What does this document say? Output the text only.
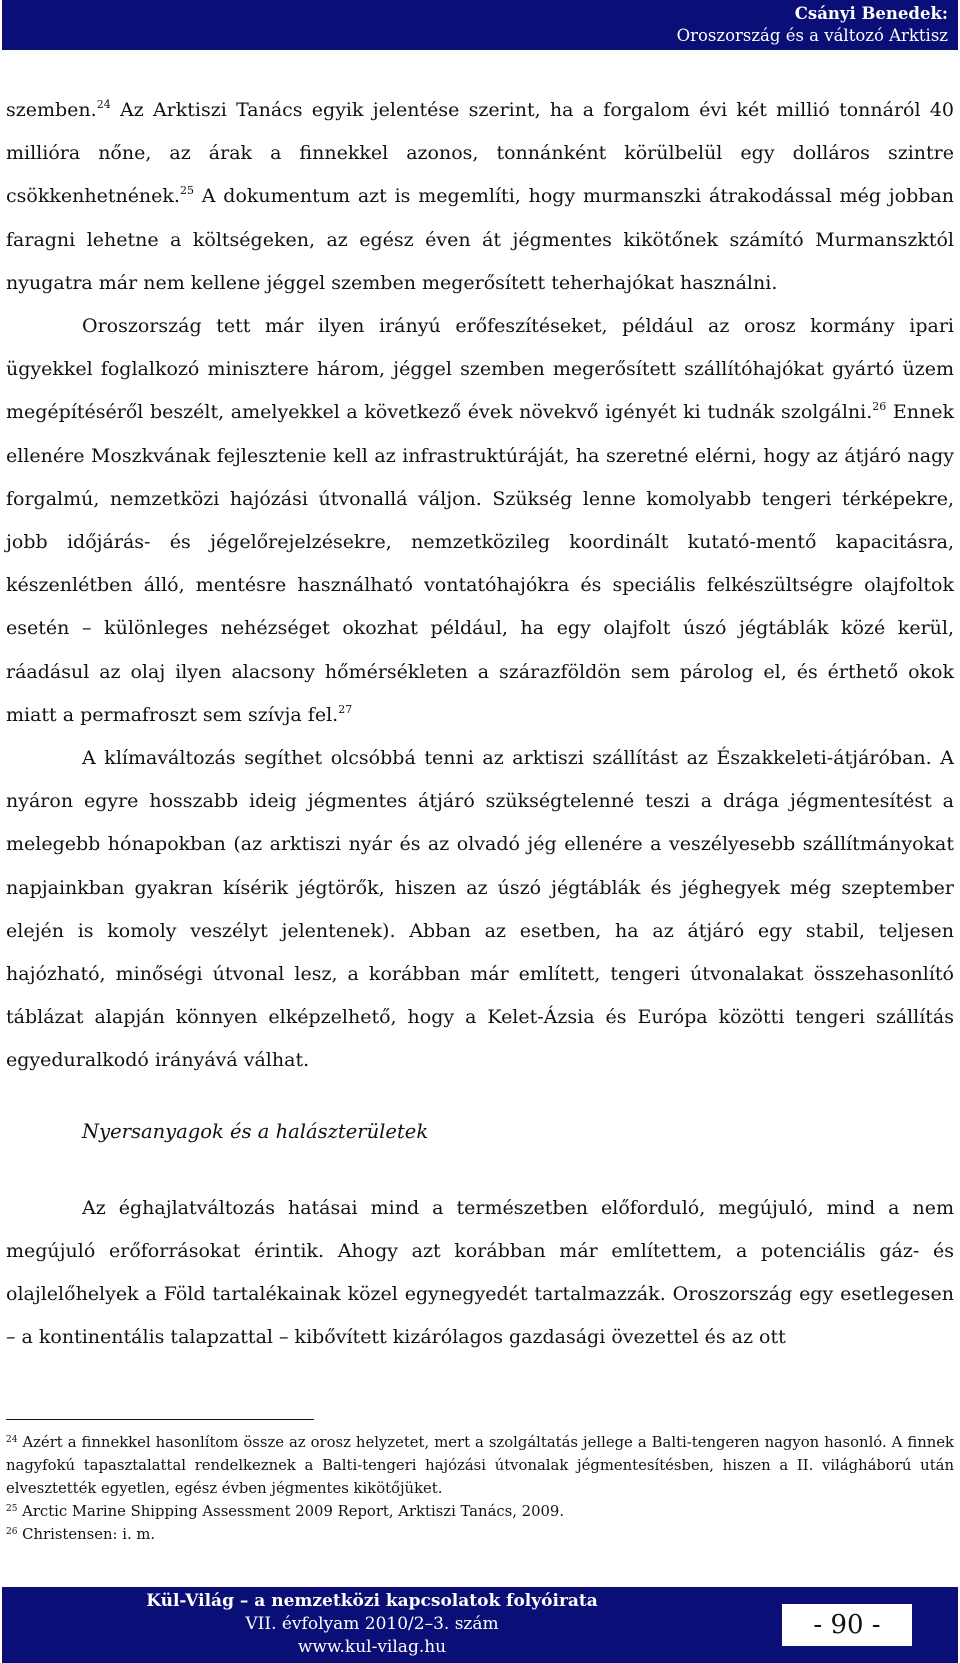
Csányi Benedek:
Oroszország és a változó Arktisz

szemben.$^{24}$ Az Arktiszi Tanács egyik jelentése szerint, ha a forgalom évi két millió tonnáról 40 millióra nőne, az árak a finnekkel azonos, tonnánként körülbelül egy dolláros szintre csökkenhetnének.$^{25}$ A dokumentum azt is megemlíti, hogy murmanszki átrakodással még jobban faragni lehetne a költségeken, az egész éven át jégmentes kikötőnek számító Murmanszktól nyugatra már nem kellene jéggel szemben megerősített teherhajókat használni.

Oroszország tett már ilyen irányú erőfeszítéseket, például az orosz kormány ipari ügyekkel foglalkozó minisztere három, jéggel szemben megerősített szállítóhajókat gyártó üzem megépítéséről beszélt, amelyekkel a következő évek növekvő igényét ki tudnák szolgálni.$^{26}$ Ennek ellenére Moszkvának fejlesztenie kell az infrastruktúráját, ha szeretné elérni, hogy az átjáró nagy forgalmú, nemzetközi hajózási útvonallá váljon. Szükség lenne komolyabb tengeri térképekre, jobb időjárás- és jégelőrejelzésekre, nemzetközileg koordinált kutató-mentő kapacitásra, készenlétben álló, mentésre használható vontatóhajókra és speciális felkészültségre olajfoltok esetén – különleges nehézséget okozhat például, ha egy olajfolt úszó jégtáblák közé kerül, ráadásul az olaj ilyen alacsony hőmérsékleten a szárazföldön sem párolog el, és érthető okok miatt a permafroszt sem szívja fel.$^{27}$

A klímaváltozás segíthet olcsóbbá tenni az arktiszi szállítást az Északkeleti-átjáróban. A nyáron egyre hosszabb ideig jégmentes átjáró szükségtelenné teszi a drága jégmentesítést a melegebb hónapokban (az arktiszi nyár és az olvadó jég ellenére a veszélyesebb szállítmányokat napjainkban gyakran kísérik jégtörők, hiszen az úszó jégtáblák és jéghegyek még szeptember elején is komoly veszélyt jelentenek). Abban az esetben, ha az átjáró egy stabil, teljesen hajózható, minőségi útvonal lesz, a korábban már említett, tengeri útvonalakat összehasonlító táblázat alapján könnyen elképzelhető, hogy a Kelet-Ázsia és Európa közötti tengeri szállítás egyeduralkodó irányává válhat.

Nyersanyagok és a halászterületek

Az éghajlatváltozás hatásai mind a természetben előforduló, megújuló, mind a nem megújuló erőforrásokat érintik. Ahogy azt korábban már említettem, a potenciális gáz- és olajlelőhelyek a Föld tartalékainak közel egynegyedét tartalmazzák. Oroszország egy esetlegesen – a kontinentális talapzattal – kibővített kizárólagos gazdasági övezettel és az ott

$^{24}$ Azért a finnekkel hasonlítom össze az orosz helyzetet, mert a szolgáltatás jellege a Balti-tengeren nagyon hasonló. A finnek nagyfokú tapasztalattal rendelkeznek a Balti-tengeri hajózási útvonalak jégmentesítésben, hiszen a II. világháború után elvesztették egyetlen, egész évben jégmentes kikötőjüket.

$^{25}$ Arctic Marine Shipping Assessment 2009 Report, Arktiszi Tanács, 2009.

$^{26}$ Christensen: i. m.

Kül-Világ – a nemzetközi kapcsolatok folyóirata
VII. évfolyam 2010/2–3. szám
www.kul-vilag.hu
- 90 -
